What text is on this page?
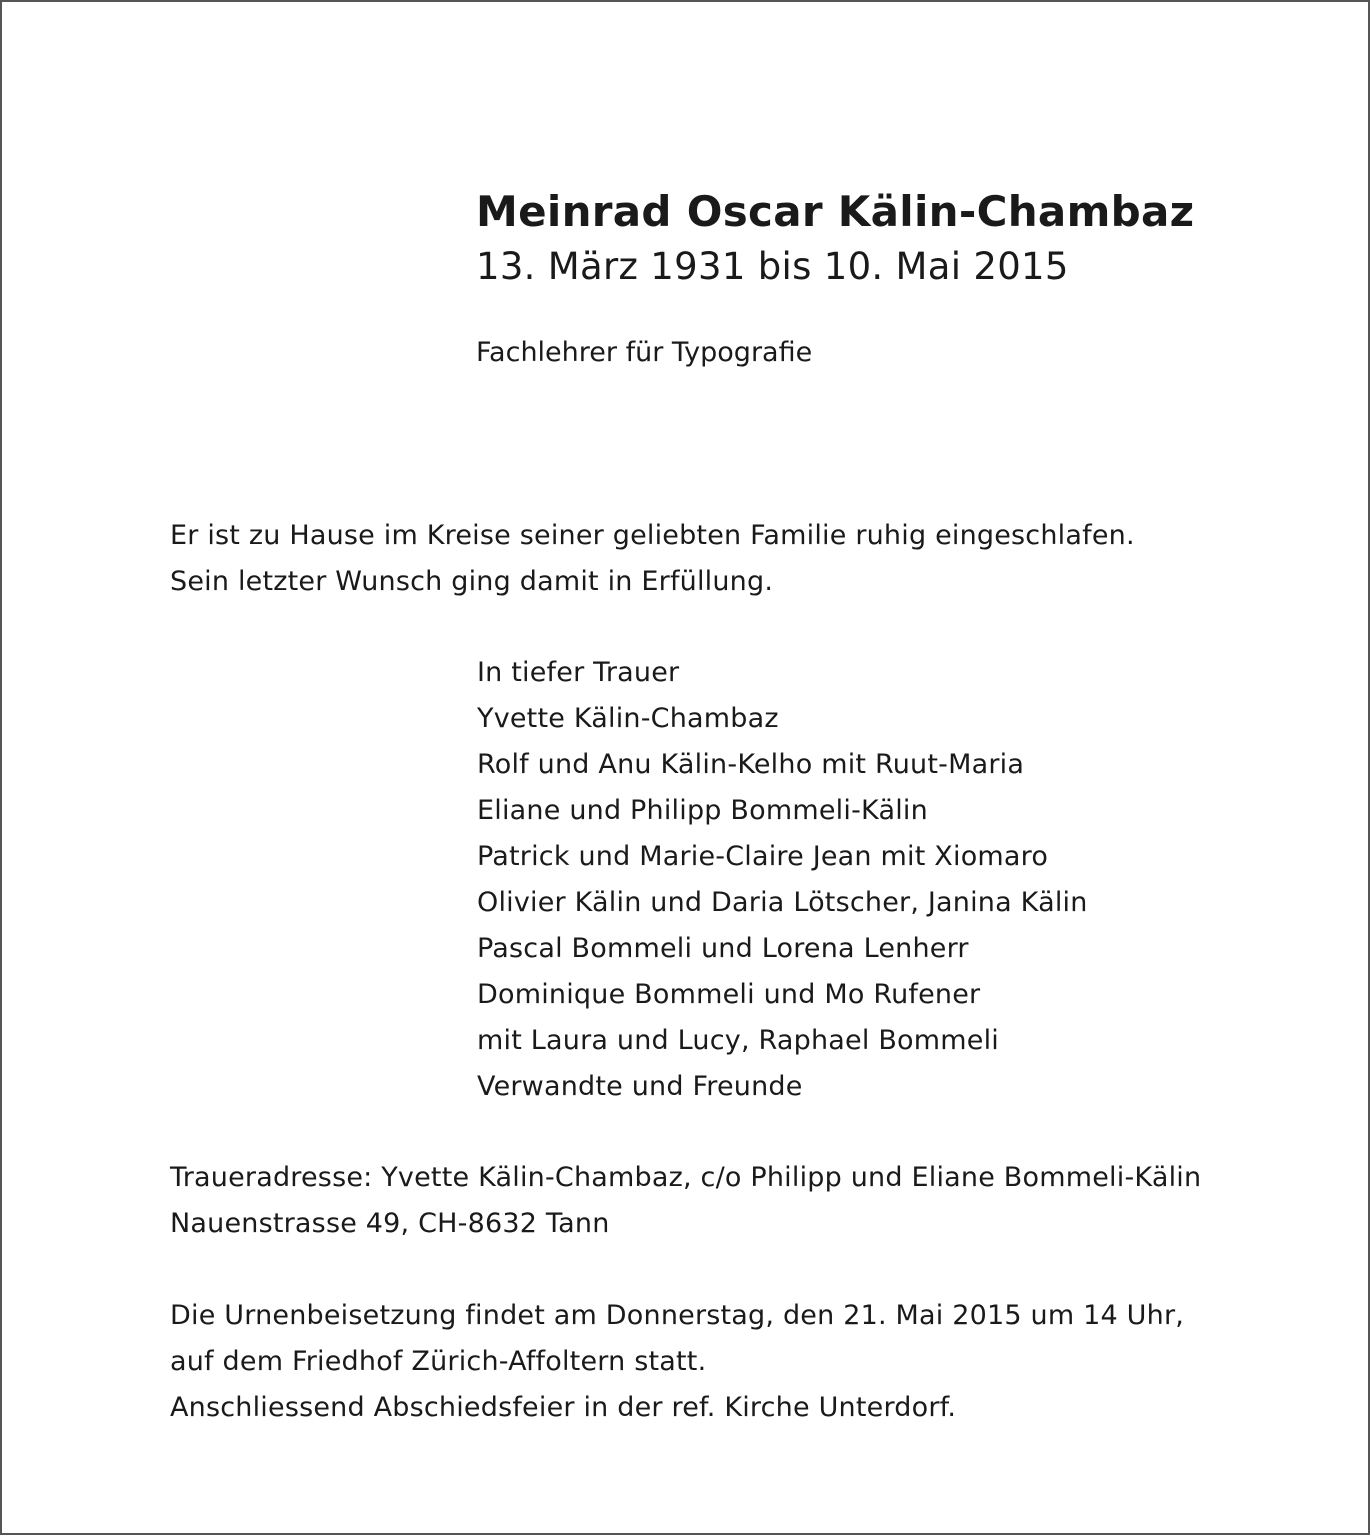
Meinrad Oscar Kälin-Chambaz
13. März 1931 bis 10. Mai 2015
Fachlehrer für Typografie
Er ist zu Hause im Kreise seiner geliebten Familie ruhig eingeschlafen.
Sein letzter Wunsch ging damit in Erfüllung.
In tiefer Trauer
Yvette Kälin-Chambaz
Rolf und Anu Kälin-Kelho mit Ruut-Maria
Eliane und Philipp Bommeli-Kälin
Patrick und Marie-Claire Jean mit Xiomaro
Olivier Kälin und Daria Lötscher, Janina Kälin
Pascal Bommeli und Lorena Lenherr
Dominique Bommeli und Mo Rufener
mit Laura und Lucy, Raphael Bommeli
Verwandte und Freunde
Traueradresse: Yvette Kälin-Chambaz, c/o Philipp und Eliane Bommeli-Kälin
Nauenstrasse 49, CH-8632 Tann
Die Urnenbeisetzung findet am Donnerstag, den 21. Mai 2015 um 14 Uhr,
auf dem Friedhof Zürich-Affoltern statt.
Anschliessend Abschiedsfeier in der ref. Kirche Unterdorf.
